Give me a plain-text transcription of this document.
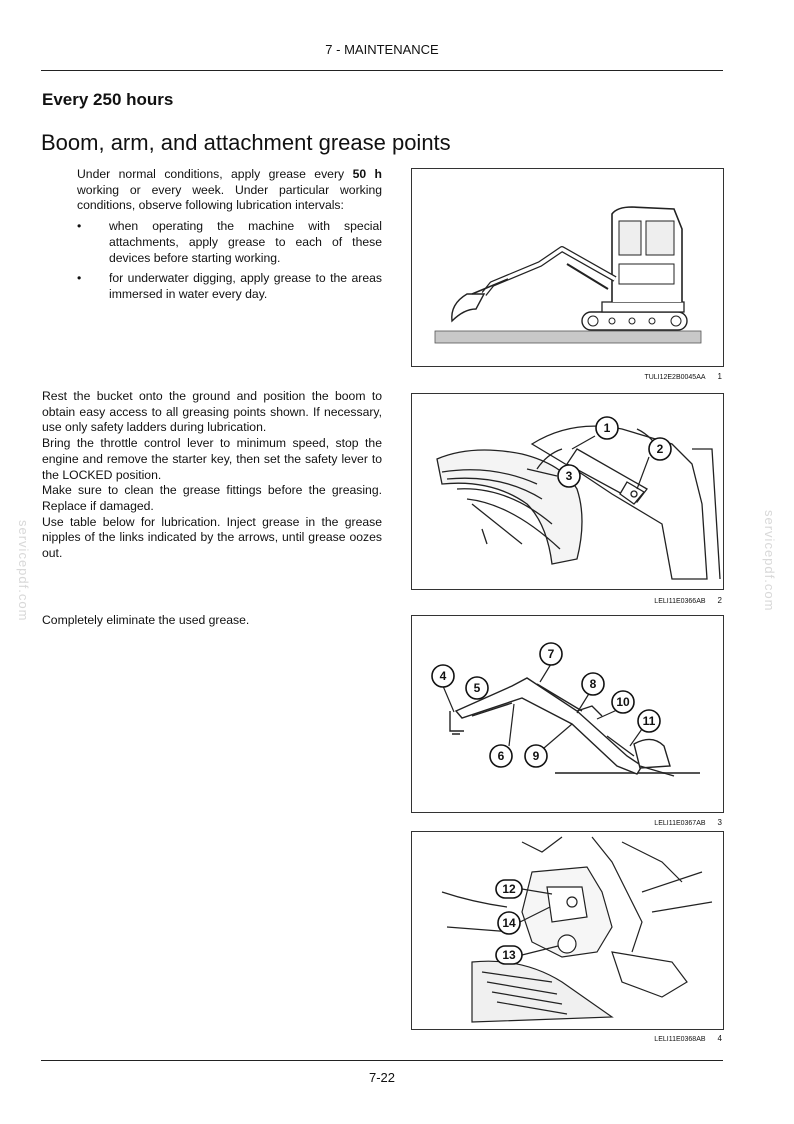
7 - MAINTENANCE
Every 250 hours
Boom, arm, and attachment grease points
Under normal conditions, apply grease every 50 h working or every week. Under particular working conditions, observe following lubrication intervals:
• when operating the machine with special attachments, apply grease to each of these devices before starting working.
• for underwater digging, apply grease to the areas immersed in water every day.
Rest the bucket onto the ground and position the boom to obtain easy access to all greasing points shown. If necessary, use only safety ladders during lubrication.
Bring the throttle control lever to minimum speed, stop the engine and remove the starter key, then set the safety lever to the LOCKED position.
Make sure to clean the grease fittings before the greasing. Replace if damaged.
Use table below for lubrication. Inject grease in the grease nipples of the links indicated by the arrows, until grease oozes out.
Completely eliminate the used grease.
TULI12E2B0045AA 1
1
2
3
LELI11E0366AB 2
4
5
6
7
8
9
10
11
LELI11E0367AB 3
12
14
13
LELI11E0368AB 4
servicepdf.com	servicepdf.com
7-22
